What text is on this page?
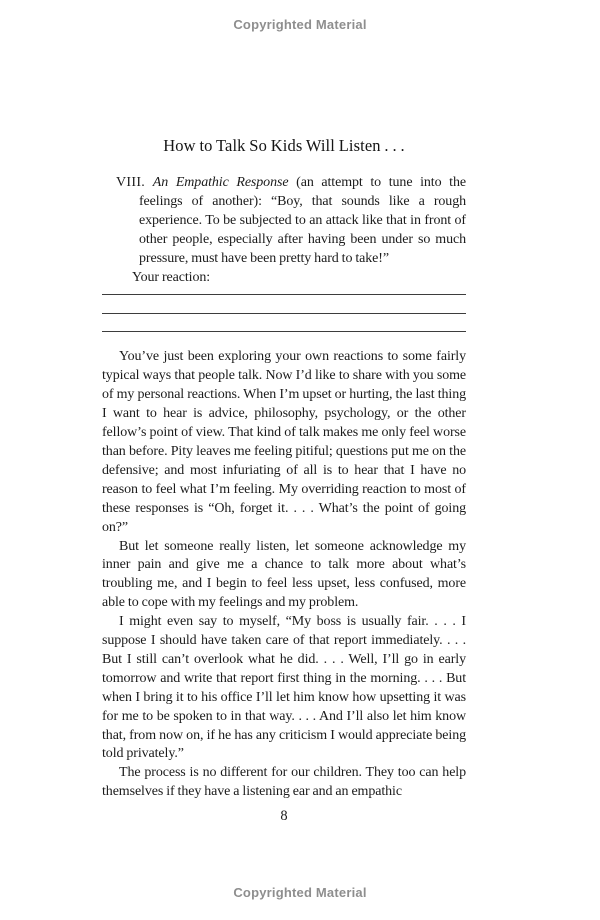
Copyrighted Material
How to Talk So Kids Will Listen . . .
VIII. An Empathic Response (an attempt to tune into the feelings of another): “Boy, that sounds like a rough experience. To be subjected to an attack like that in front of other people, especially after having been under so much pressure, must have been pretty hard to take!”
Your reaction:

You’ve just been exploring your own reactions to some fairly typical ways that people talk. Now I’d like to share with you some of my personal reactions. When I’m upset or hurting, the last thing I want to hear is advice, philosophy, psychology, or the other fellow’s point of view. That kind of talk makes me only feel worse than before. Pity leaves me feeling pitiful; questions put me on the defensive; and most infuriating of all is to hear that I have no reason to feel what I’m feeling. My overriding reaction to most of these responses is “Oh, forget it. . . . What’s the point of going on?”

But let someone really listen, let someone acknowledge my inner pain and give me a chance to talk more about what’s troubling me, and I begin to feel less upset, less confused, more able to cope with my feelings and my problem.

I might even say to myself, “My boss is usually fair. . . . I suppose I should have taken care of that report immediately. . . . But I still can’t overlook what he did. . . . Well, I’ll go in early tomorrow and write that report first thing in the morning. . . . But when I bring it to his office I’ll let him know how upsetting it was for me to be spoken to in that way. . . . And I’ll also let him know that, from now on, if he has any criticism I would appreciate being told privately.”

The process is no different for our children. They too can help themselves if they have a listening ear and an empathic

8
Copyrighted Material
